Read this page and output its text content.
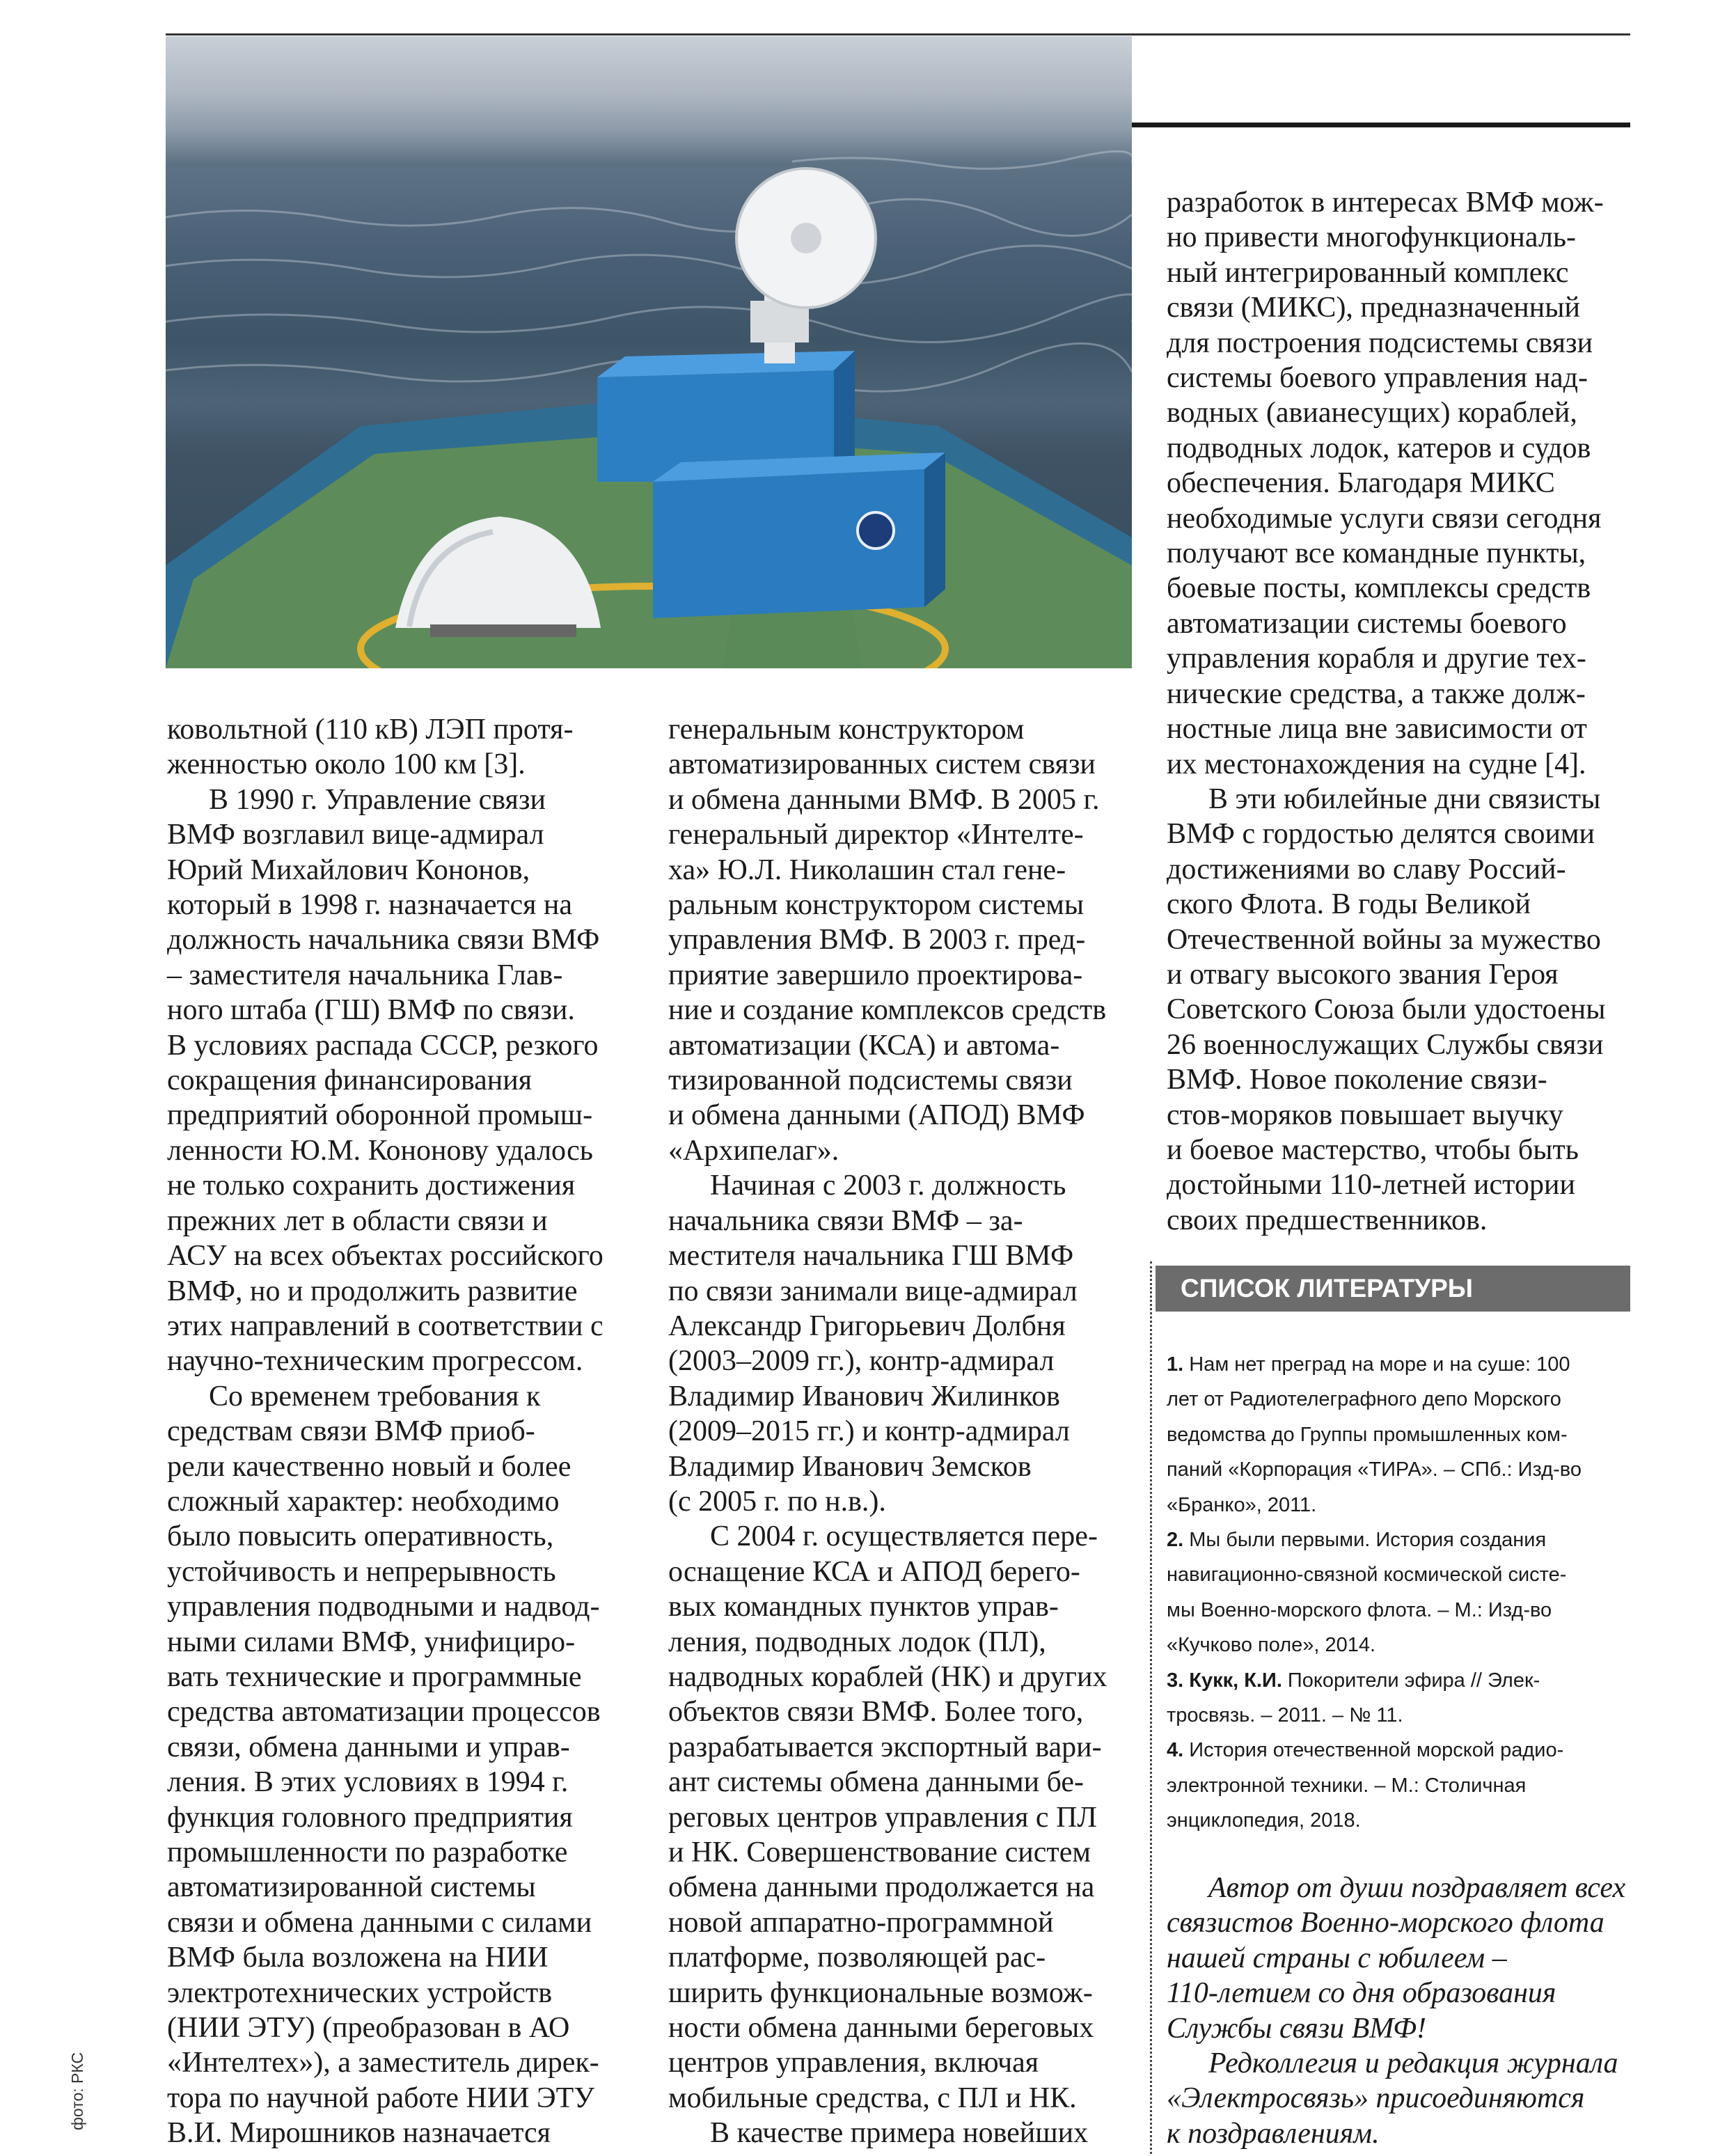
ковольтной (110 кВ) ЛЭП протя-
женностью около 100 км [3].

В 1990 г. Управление связи
ВМФ возглавил вице-адмирал
Юрий Михайлович Кононов,
который в 1998 г. назначается на
должность начальника связи ВМФ
– заместителя начальника Глав-
ного штаба (ГШ) ВМФ по связи.
В условиях распада СССР, резкого
сокращения финансирования
предприятий оборонной промыш-
ленности Ю.М. Кононову удалось
не только сохранить достижения
прежних лет в области связи и
АСУ на всех объектах российского
ВМФ, но и продолжить развитие
этих направлений в соответствии с
научно-техническим прогрессом.

Со временем требования к
средствам связи ВМФ приоб-
рели качественно новый и более
сложный характер: необходимо
было повысить оперативность,
устойчивость и непрерывность
управления подводными и надвод-
ными силами ВМФ, унифициро-
вать технические и программные
средства автоматизации процессов
связи, обмена данными и управ-
ления. В этих условиях в 1994 г.
функция головного предприятия
промышленности по разработке
автоматизированной системы
связи и обмена данными с силами
ВМФ была возложена на НИИ
электротехнических устройств
(НИИ ЭТУ) (преобразован в АО
«Интелтех»), а заместитель дирек-
тора по научной работе НИИ ЭТУ
В.И. Мирошников назначается

генеральным конструктором
автоматизированных систем связи
и обмена данными ВМФ. В 2005 г.
генеральный директор «Интелте-
ха» Ю.Л. Николашин стал гене-
ральным конструктором системы
управления ВМФ. В 2003 г. пред-
приятие завершило проектирова-
ние и создание комплексов средств
автоматизации (КСА) и автома-
тизированной подсистемы связи
и обмена данными (АПОД) ВМФ
«Архипелаг».

Начиная с 2003 г. должность
начальника связи ВМФ – за-
местителя начальника ГШ ВМФ
по связи занимали вице-адмирал
Александр Григорьевич Долбня
(2003–2009 гг.), контр-адмирал
Владимир Иванович Жилинков
(2009–2015 гг.) и контр-адмирал
Владимир Иванович Земсков
(с 2005 г. по н.в.).

С 2004 г. осуществляется пере-
оснащение КСА и АПОД берего-
вых командных пунктов управ-
ления, подводных лодок (ПЛ),
надводных кораблей (НК) и других
объектов связи ВМФ. Более того,
разрабатывается экспортный вари-
ант системы обмена данными бе-
реговых центров управления с ПЛ
и НК. Совершенствование систем
обмена данными продолжается на
новой аппаратно-программной
платформе, позволяющей рас-
ширить функциональные возмож-
ности обмена данными береговых
центров управления, включая
мобильные средства, с ПЛ и НК.

В качестве примера новейших

разработок в интересах ВМФ мож-
но привести многофункциональ-
ный интегрированный комплекс
связи (МИКС), предназначенный
для построения подсистемы связи
системы боевого управления над-
водных (авианесущих) кораблей,
подводных лодок, катеров и судов
обеспечения. Благодаря МИКС
необходимые услуги связи сегодня
получают все командные пункты,
боевые посты, комплексы средств
автоматизации системы боевого
управления корабля и другие тех-
нические средства, а также долж-
ностные лица вне зависимости от
их местонахождения на судне [4].

В эти юбилейные дни связисты
ВМФ с гордостью делятся своими
достижениями во славу Россий-
ского Флота. В годы Великой
Отечественной войны за мужество
и отвагу высокого звания Героя
Советского Союза были удостоены
26 военнослужащих Службы связи
ВМФ. Новое поколение связи-
стов-моряков повышает выучку
и боевое мастерство, чтобы быть
достойными 110-летней истории
своих предшественников.

СПИСОК ЛИТЕРАТУРЫ

1. Нам нет преград на море и на суше: 100
лет от Радиотелеграфного депо Морского
ведомства до Группы промышленных ком-
паний «Корпорация «ТИРА». – СПб.: Изд-во
«Бранко», 2011.

2. Мы были первыми. История создания
навигационно-связной космической систе-
мы Военно-морского флота. – М.: Изд-во
«Кучково поле», 2014.

3. Кукк, К.И. Покорители эфира // Элек-
тросвязь. – 2011. – № 11.

4. История отечественной морской радио-
электронной техники. – М.: Столичная
энциклопедия, 2018.

Автор от души поздравляет всех
связистов Военно-морского флота
нашей страны с юбилеем –
110-летием со дня образования
Службы связи ВМФ!

Редколлегия и редакция журнала
«Электросвязь» присоединяются
к поздравлениям.

фото: РКС
